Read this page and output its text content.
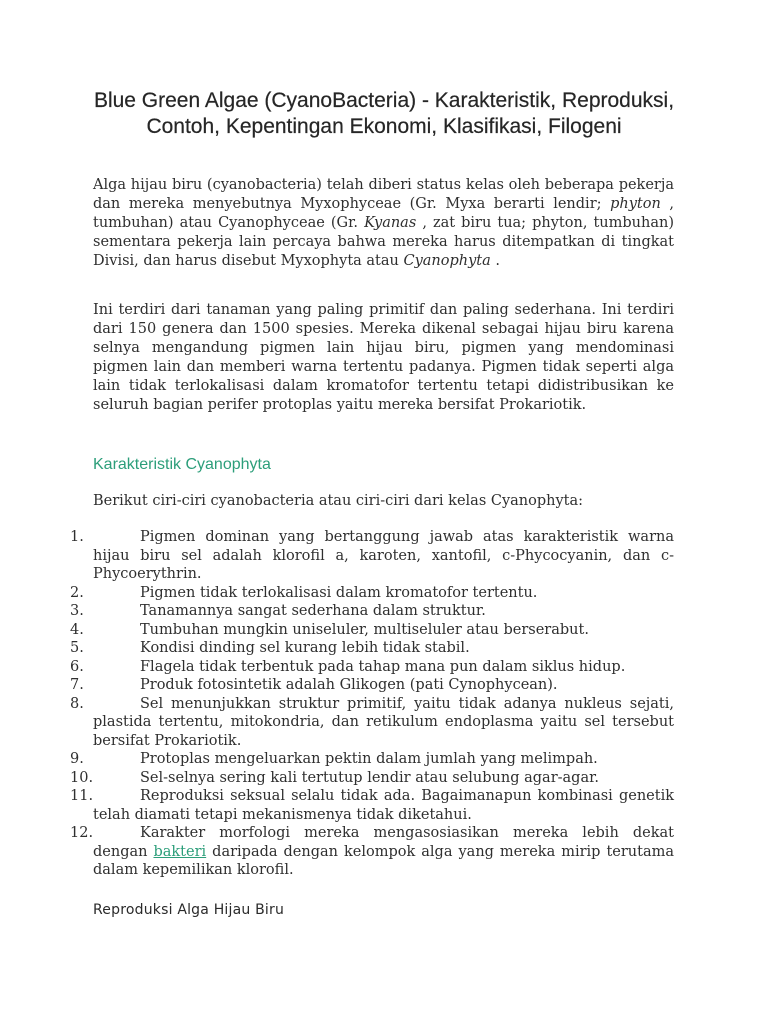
Blue Green Algae (CyanoBacteria) - Karakteristik, Reproduksi, Contoh, Kepentingan Ekonomi, Klasifikasi, Filogeni

Alga hijau biru (cyanobacteria) telah diberi status kelas oleh beberapa pekerja dan mereka menyebutnya Myxophyceae (Gr. Myxa berarti lendir; phyton , tumbuhan) atau Cyanophyceae (Gr. Kyanas , zat biru tua; phyton, tumbuhan) sementara pekerja lain percaya bahwa mereka harus ditempatkan di tingkat Divisi, dan harus disebut Myxophyta atau Cyanophyta .

Ini terdiri dari tanaman yang paling primitif dan paling sederhana. Ini terdiri dari 150 genera dan 1500 spesies. Mereka dikenal sebagai hijau biru karena selnya mengandung pigmen lain hijau biru, pigmen yang mendominasi pigmen lain dan memberi warna tertentu padanya. Pigmen tidak seperti alga lain tidak terlokalisasi dalam kromatofor tertentu tetapi didistribusikan ke seluruh bagian perifer protoplas yaitu mereka bersifat Prokariotik.

Karakteristik Cyanophyta

Berikut ciri-ciri cyanobacteria atau ciri-ciri dari kelas Cyanophyta:

1.	Pigmen dominan yang bertanggung jawab atas karakteristik warna hijau biru sel adalah klorofil a, karoten, xantofil, c-Phycocyanin, dan c-Phycoerythrin.
2.	Pigmen tidak terlokalisasi dalam kromatofor tertentu.
3.	Tanamannya sangat sederhana dalam struktur.
4.	Tumbuhan mungkin uniseluler, multiseluler atau berserabut.
5.	Kondisi dinding sel kurang lebih tidak stabil.
6.	Flagela tidak terbentuk pada tahap mana pun dalam siklus hidup.
7.	Produk fotosintetik adalah Glikogen (pati Cynophycean).
8.	Sel menunjukkan struktur primitif, yaitu tidak adanya nukleus sejati, plastida tertentu, mitokondria, dan retikulum endoplasma yaitu sel tersebut bersifat Prokariotik.
9.	Protoplas mengeluarkan pektin dalam jumlah yang melimpah.
10.	Sel-selnya sering kali tertutup lendir atau selubung agar-agar.
11.	Reproduksi seksual selalu tidak ada. Bagaimanapun kombinasi genetik telah diamati tetapi mekanismenya tidak diketahui.
12.	Karakter morfologi mereka mengasosiasikan mereka lebih dekat dengan bakteri daripada dengan kelompok alga yang mereka mirip terutama dalam kepemilikan klorofil.
Reproduksi Alga Hijau Biru
